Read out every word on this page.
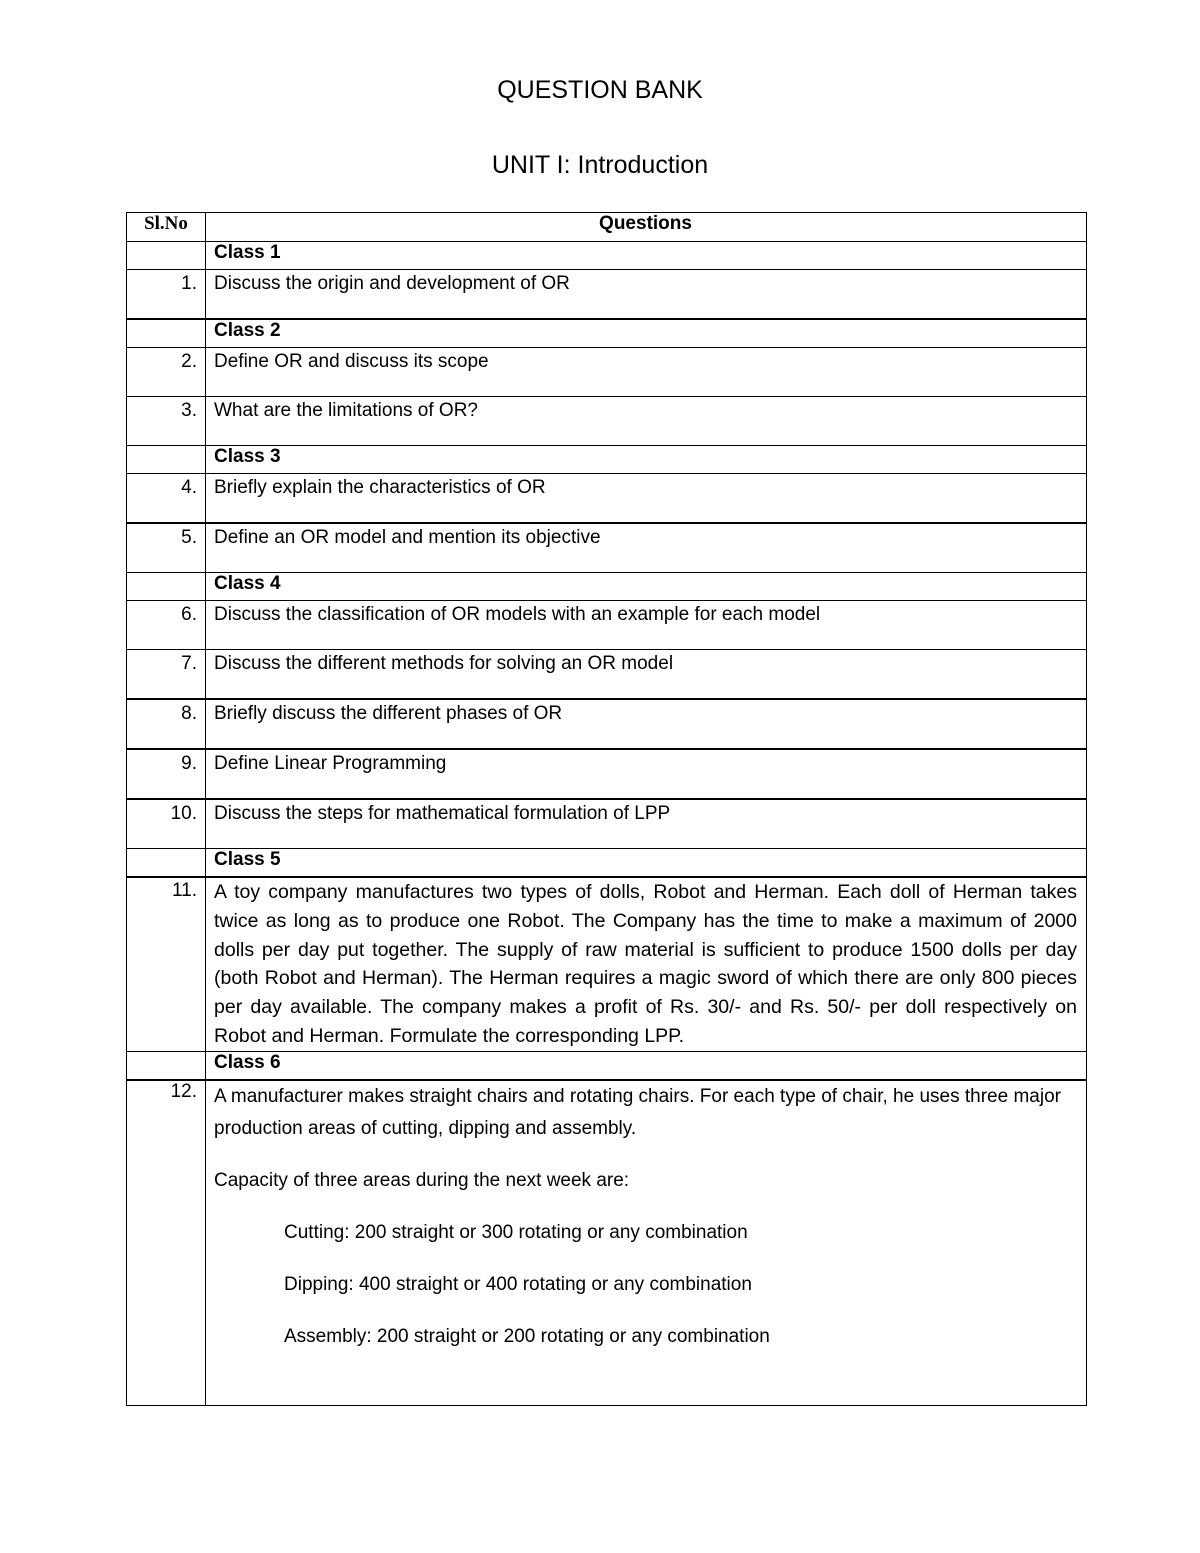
QUESTION BANK
UNIT I: Introduction
Sl.No	Questions
	Class 1
1.	Discuss the origin and development of OR
	Class 2
2.	Define OR and discuss its scope
3.	What are the limitations of OR?
	Class 3
4.	Briefly explain the characteristics of OR
5.	Define an OR model and mention its objective
	Class 4
6.	Discuss the classification of OR models with an example for each model
7.	Discuss the different methods for solving an OR model
8.	Briefly discuss the different phases of OR
9.	Define Linear Programming
10.	Discuss the steps for mathematical formulation of LPP
	Class 5
11.	A toy company manufactures two types of dolls, Robot and Herman. Each doll of Herman takes twice as long as to produce one Robot. The Company has the time to make a maximum of 2000 dolls per day put together. The supply of raw material is sufficient to produce 1500 dolls per day (both Robot and Herman). The Herman requires a magic sword of which there are only 800 pieces per day available. The company makes a profit of Rs. 30/- and Rs. 50/- per doll respectively on Robot and Herman. Formulate the corresponding LPP.
	Class 6
12.	A manufacturer makes straight chairs and rotating chairs. For each type of chair, he uses three major production areas of cutting, dipping and assembly.

Capacity of three areas during the next week are:

Cutting: 200 straight or 300 rotating or any combination

Dipping: 400 straight or 400 rotating or any combination

Assembly: 200 straight or 200 rotating or any combination
